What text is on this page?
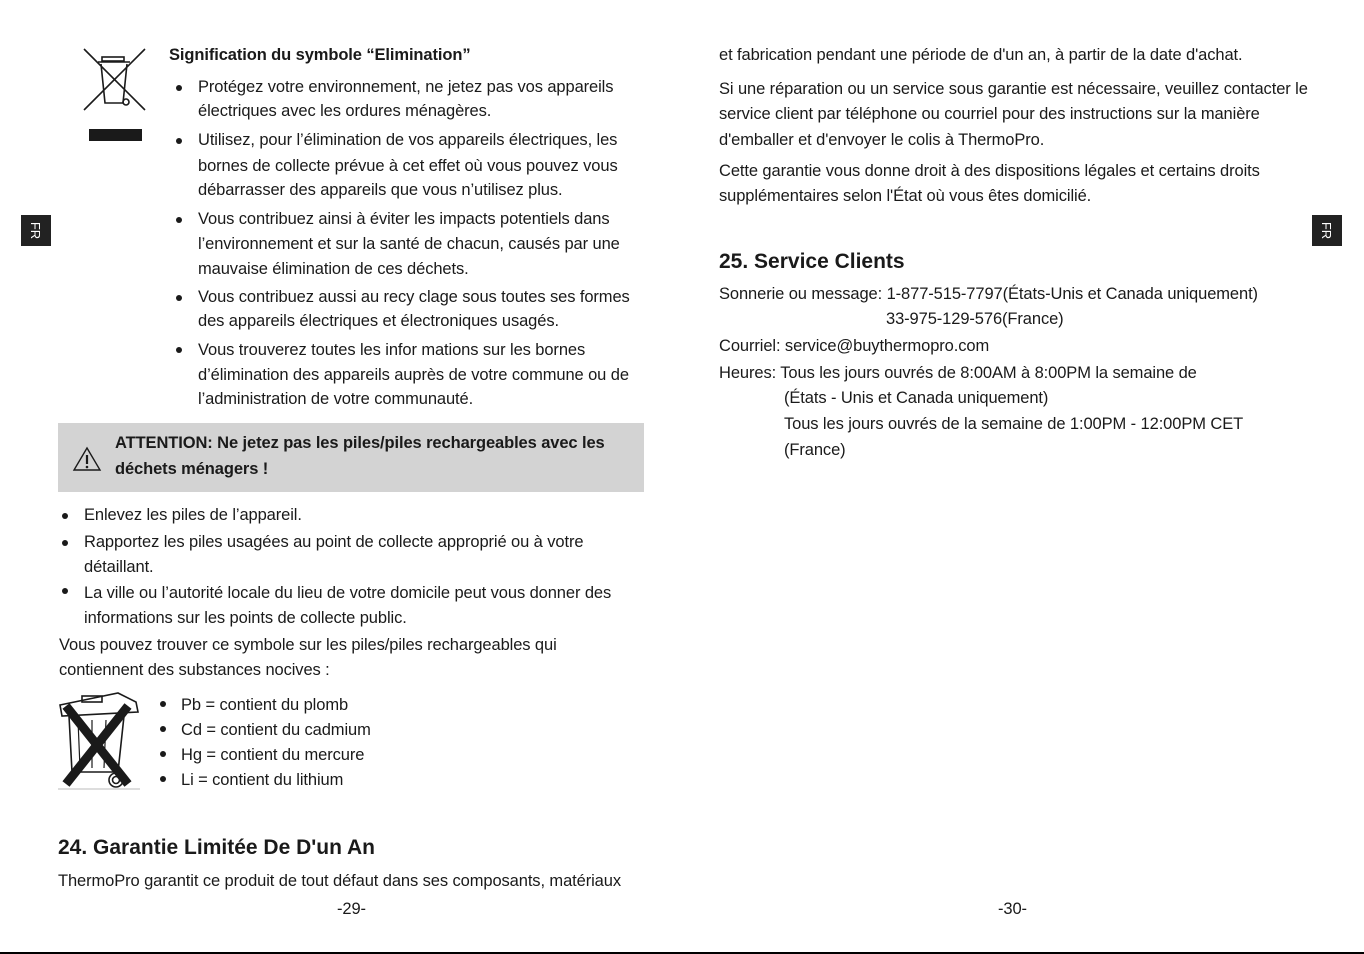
FR	FR
Signification du symbole “Elimination”
Protégez votre environnement, ne jetez pas vos appareils
électriques avec les ordures ménagères.
Utilisez, pour l’élimination de vos appareils électriques, les
bornes de collecte prévue à cet effet où vous pouvez vous
débarrasser des appareils que vous n’utilisez plus.
Vous contribuez ainsi à éviter les impacts potentiels dans
l’environnement et sur la santé de chacun, causés par une
mauvaise élimination de ces déchets.
Vous contribuez aussi au recy clage sous toutes ses formes
des appareils électriques et électroniques usagés.
Vous trouverez toutes les infor mations sur les bornes
d’élimination des appareils auprès de votre commune ou de
l’administration de votre communauté.
ATTENTION: Ne jetez pas les piles/piles rechargeables avec les
déchets ménagers !
Enlevez les piles de l’appareil.
Rapportez les piles usagées au point de collecte approprié ou à votre
détaillant.
La ville ou l’autorité locale du lieu de votre domicile peut vous donner des
informations sur les points de collecte public.
Vous pouvez trouver ce symbole sur les piles/piles rechargeables qui
contiennent des substances nocives :
Pb = contient du plomb
Cd = contient du cadmium
Hg = contient du mercure
Li = contient du lithium
24. Garantie Limitée De D'un An
ThermoPro garantit ce produit de tout défaut dans ses composants, matériaux
-29-
et fabrication pendant une période de d'un an, à partir de la date d'achat.
Si une réparation ou un service sous garantie est nécessaire, veuillez contacter le
service client par téléphone ou courriel pour des instructions sur la manière
d'emballer et d'envoyer le colis à ThermoPro.
Cette garantie vous donne droit à des dispositions légales et certains droits
supplémentaires selon l'État où vous êtes domicilié.
25. Service Clients
Sonnerie ou message: 1-877-515-7797(États-Unis et Canada uniquement)
33-975-129-576(France)
Courriel: service@buythermopro.com
Heures: Tous les jours ouvrés de 8:00AM à 8:00PM la semaine de
(États - Unis et Canada uniquement)
Tous les jours ouvrés de la semaine de 1:00PM - 12:00PM CET
(France)
-30-
